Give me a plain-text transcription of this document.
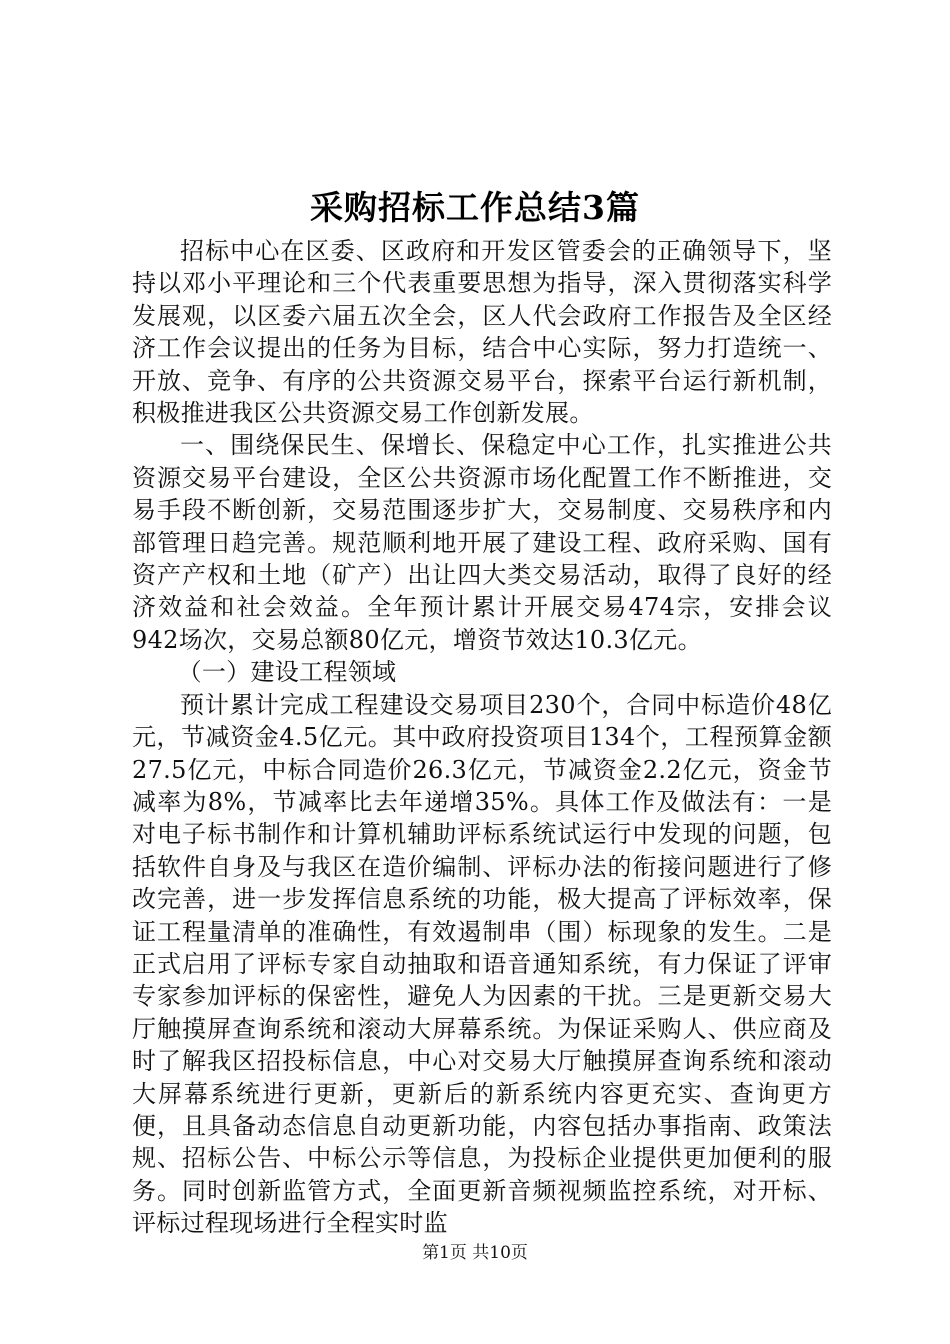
采购招标工作总结3篇

招标中心在区委、区政府和开发区管委会的正确领导下，坚持以邓小平理论和三个代表重要思想为指导，深入贯彻落实科学发展观，以区委六届五次全会，区人代会政府工作报告及全区经济工作会议提出的任务为目标，结合中心实际，努力打造统一、开放、竞争、有序的公共资源交易平台，探索平台运行新机制，积极推进我区公共资源交易工作创新发展。

一、围绕保民生、保增长、保稳定中心工作，扎实推进公共资源交易平台建设，全区公共资源市场化配置工作不断推进，交易手段不断创新，交易范围逐步扩大，交易制度、交易秩序和内部管理日趋完善。规范顺利地开展了建设工程、政府采购、国有资产产权和土地（矿产）出让四大类交易活动，取得了良好的经济效益和社会效益。全年预计累计开展交易474宗，安排会议942场次，交易总额80亿元，增资节效达10.3亿元。

（一）建设工程领域

预计累计完成工程建设交易项目230个，合同中标造价48亿元，节减资金4.5亿元。其中政府投资项目134个，工程预算金额27.5亿元，中标合同造价26.3亿元，节减资金2.2亿元，资金节减率为8%，节减率比去年递增35%。具体工作及做法有：一是对电子标书制作和计算机辅助评标系统试运行中发现的问题，包括软件自身及与我区在造价编制、评标办法的衔接问题进行了修改完善，进一步发挥信息系统的功能，极大提高了评标效率，保证工程量清单的准确性，有效遏制串（围）标现象的发生。二是正式启用了评标专家自动抽取和语音通知系统，有力保证了评审专家参加评标的保密性，避免人为因素的干扰。三是更新交易大厅触摸屏查询系统和滚动大屏幕系统。为保证采购人、供应商及时了解我区招投标信息，中心对交易大厅触摸屏查询系统和滚动大屏幕系统进行更新，更新后的新系统内容更充实、查询更方便，且具备动态信息自动更新功能，内容包括办事指南、政策法规、招标公告、中标公示等信息，为投标企业提供更加便利的服务。同时创新监管方式，全面更新音频视频监控系统，对开标、评标过程现场进行全程实时监

第1页 共10页
